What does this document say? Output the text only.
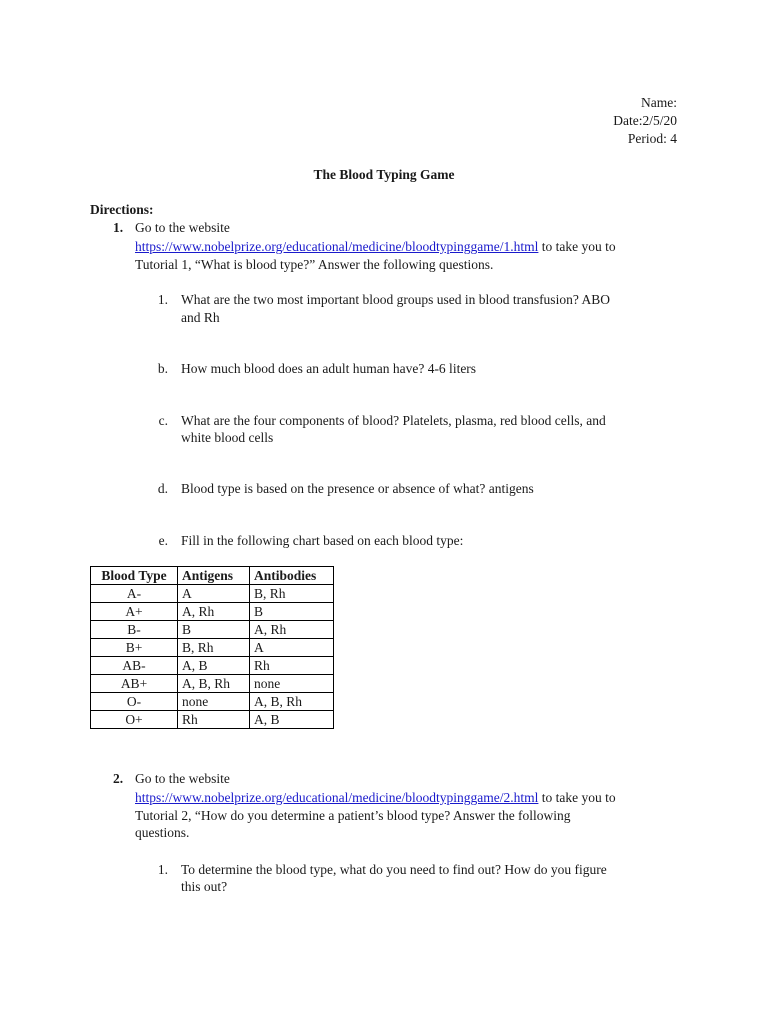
Name:
Date:2/5/20
Period: 4
The Blood Typing Game
Directions:
1. Go to the website
https://www.nobelprize.org/educational/medicine/bloodtypinggame/1.html to take you to
Tutorial 1, “What is blood type?” Answer the following questions.
1. What are the two most important blood groups used in blood transfusion? ABO
and Rh
b. How much blood does an adult human have? 4-6 liters
c. What are the four components of blood? Platelets, plasma, red blood cells, and
white blood cells
d. Blood type is based on the presence or absence of what? antigens
e. Fill in the following chart based on each blood type:
Blood Type	Antigens	Antibodies
A-	A	B, Rh
A+	A, Rh	B
B-	B	A, Rh
B+	B, Rh	A
AB-	A, B	Rh
AB+	A, B, Rh	none
O-	none	A, B, Rh
O+	Rh	A, B
2. Go to the website
https://www.nobelprize.org/educational/medicine/bloodtypinggame/2.html to take you to
Tutorial 2, “How do you determine a patient’s blood type? Answer the following
questions.
1. To determine the blood type, what do you need to find out? How do you figure
this out?
